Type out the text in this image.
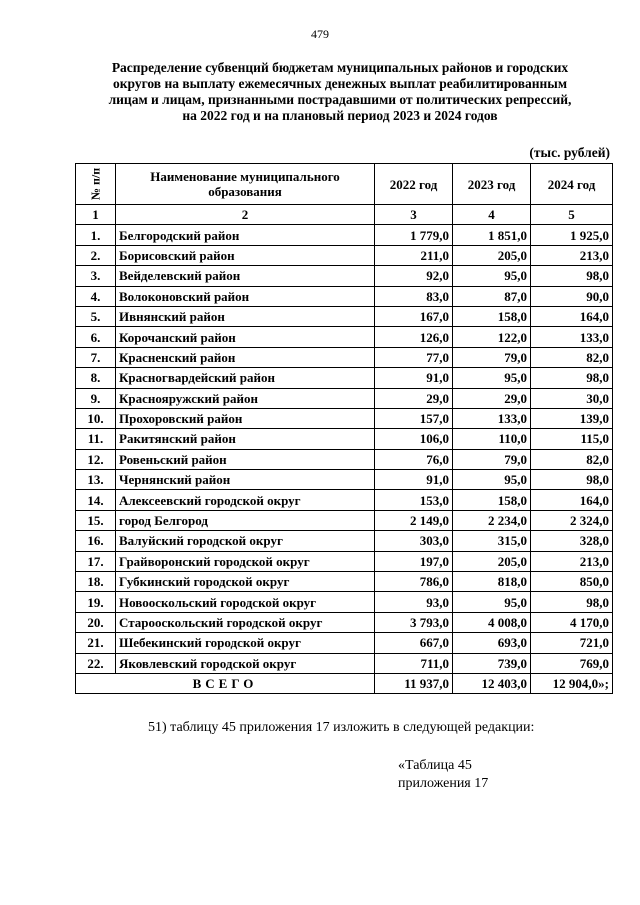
479
Распределение субвенций бюджетам муниципальных районов и городских
округов на выплату ежемесячных денежных выплат реабилитированным
лицам и лицам, признанными пострадавшими от политических репрессий,
на 2022 год и на плановый период 2023 и 2024 годов
(тыс. рублей)
№ п/п	Наименование муниципального образования	2022 год	2023 год	2024 год
1	2	3	4	5
1.	Белгородский район	1 779,0	1 851,0	1 925,0
2.	Борисовский район	211,0	205,0	213,0
3.	Вейделевский район	92,0	95,0	98,0
4.	Волоконовский район	83,0	87,0	90,0
5.	Ивнянский район	167,0	158,0	164,0
6.	Корочанский район	126,0	122,0	133,0
7.	Красненский район	77,0	79,0	82,0
8.	Красногвардейский район	91,0	95,0	98,0
9.	Краснояружский район	29,0	29,0	30,0
10.	Прохоровский район	157,0	133,0	139,0
11.	Ракитянский район	106,0	110,0	115,0
12.	Ровеньский район	76,0	79,0	82,0
13.	Чернянский район	91,0	95,0	98,0
14.	Алексеевский городской округ	153,0	158,0	164,0
15.	город Белгород	2 149,0	2 234,0	2 324,0
16.	Валуйский городской округ	303,0	315,0	328,0
17.	Грайворонский городской округ	197,0	205,0	213,0
18.	Губкинский городской округ	786,0	818,0	850,0
19.	Новооскольский городской округ	93,0	95,0	98,0
20.	Старооскольский городской округ	3 793,0	4 008,0	4 170,0
21.	Шебекинский городской округ	667,0	693,0	721,0
22.	Яковлевский городской округ	711,0	739,0	769,0
ВСЕГО		11 937,0	12 403,0	12 904,0»;
51) таблицу 45 приложения 17 изложить в следующей редакции:
«Таблица 45
приложения 17
